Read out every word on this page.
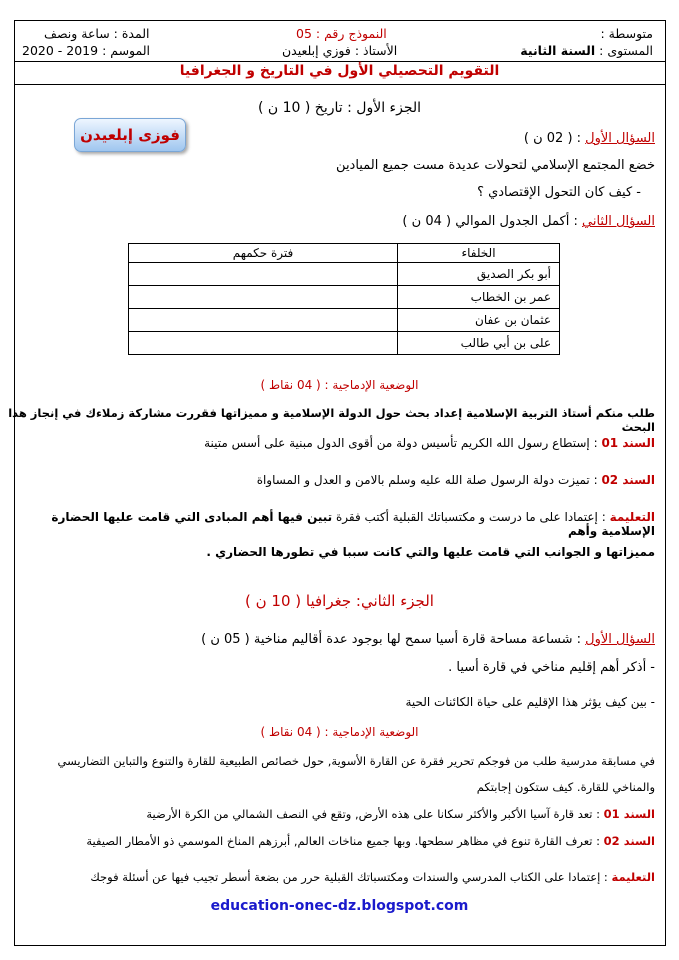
متوسطة :
المستوى : السنة الثانية
النموذج رقم : 05
الأستاذ : فوزي إبلعيدن
المدة : ساعة ونصف
الموسم : 2019 - 2020
التقويم التحصيلي الأول في التاريخ و الجغرافيا
الجزء الأول : تاريخ ( 10 ن )
فوزى إبلعيدن	السؤال الأول : ( 02 ن )
خضع المجتمع الإسلامي لتحولات عديدة مست جميع الميادين
- كيف كان التحول الإقتصادي ؟
السؤال الثاني : أكمل الجدول الموالي ( 04 ن )
الخلفاء	فترة حكمهم
أبو بكر الصديق	
عمر بن الخطاب	
عثمان بن عفان	
على بن أبي طالب	
الوضعية الإدماجية : ( 04 نقاط )
طلب منكم أستاذ التربية الإسلامية إعداد بحث حول الدولة الإسلامية و مميزاتها فقررت مشاركة زملاءك في إنجاز هذا البحث
السند 01 : إستطاع رسول الله الكريم تأسيس دولة من أقوى الدول مبنية على أسس متينة
السند 02 : تميزت دولة الرسول صلة الله عليه وسلم بالامن و العدل و المساواة
التعليمة : إعتمادا على ما درست و مكتسباتك القبلية أكتب فقرة تبين فيها أهم المبادى التي قامت عليها الحضارة الإسلامية وأهم
مميزاتها و الجوانب التي قامت عليها والتي كانت سببا في تطورها الحضاري .
الجزء الثاني: جغرافيا ( 10 ن )
السؤال الأول : شساعة مساحة قارة أسيا سمح لها بوجود عدة أقاليم مناخية ( 05 ن )
- أذكر أهم إقليم مناخي في قارة أسيا .
- بين كيف يؤثر هذا الإقليم على حياة الكائنات الحية
الوضعية الإدماجية : ( 04 نقاط )
في مسابقة مدرسية طلب من فوجكم تحرير فقرة عن القارة الأسوية, حول خصائص الطبيعية للقارة والتنوع والتباين التضاريسي
والمناخي للقارة. كيف ستكون إجابتكم
السند 01 : تعد قارة آسيا الأكبر والأكثر سكانا على هذه الأرض, وتقع في النصف الشمالي من الكرة الأرضية
السند 02 : تعرف القارة تنوع في مظاهر سطحها. وبها جميع مناخات العالم, أبرزهم المناخ الموسمي ذو الأمطار الصيفية
التعليمة : إعتمادا على الكتاب المدرسي والسندات ومكتسباتك القبلية حرر من بضعة أسطر تجيب فيها عن أسئلة فوجك
education-onec-dz.blogspot.com
